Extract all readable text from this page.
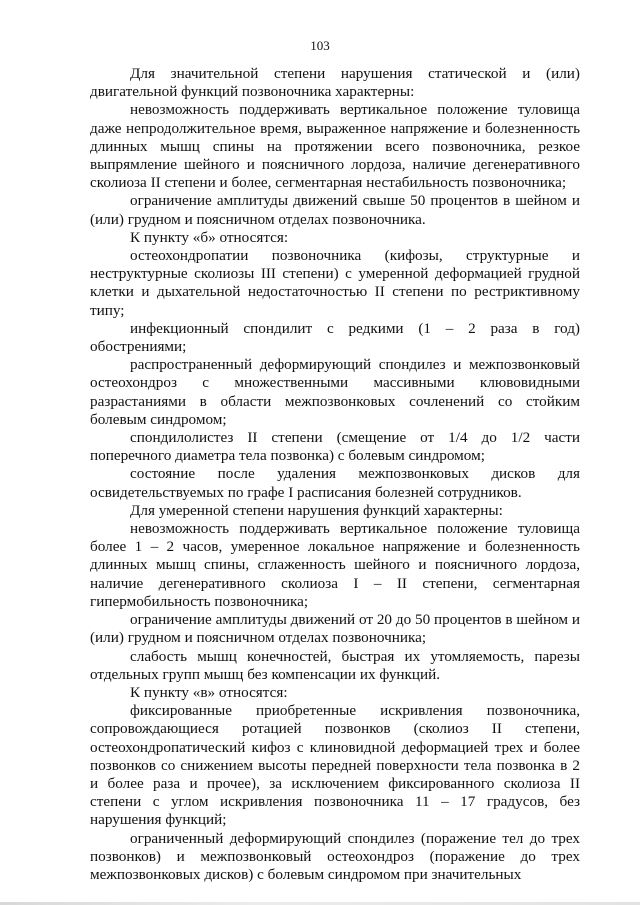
103

Для значительной степени нарушения статической и (или) двигательной функций позвоночника характерны:

невозможность поддерживать вертикальное положение туловища даже непродолжительное время, выраженное напряжение и болезненность длинных мышц спины на протяжении всего позвоночника, резкое выпрямление шейного и поясничного лордоза, наличие дегенеративного сколиоза II степени и более, сегментарная нестабильность позвоночника;

ограничение амплитуды движений свыше 50 процентов в шейном и (или) грудном и поясничном отделах позвоночника.

К пункту «б» относятся:

остеохондропатии позвоночника (кифозы, структурные и неструктурные сколиозы III степени) с умеренной деформацией грудной клетки и дыхательной недостаточностью II степени по рестриктивному типу;

инфекционный спондилит с редкими (1 – 2 раза в год) обострениями;

распространенный деформирующий спондилез и межпозвонковый остеохондроз с множественными массивными клювовидными разрастаниями в области межпозвонковых сочленений со стойким болевым синдромом;

спондилолистез II степени (смещение от 1/4 до 1/2 части поперечного диаметра тела позвонка) с болевым синдромом;

состояние после удаления межпозвонковых дисков для освидетельствуемых по графе I расписания болезней сотрудников.

Для умеренной степени нарушения функций характерны:

невозможность поддерживать вертикальное положение туловища более 1 – 2 часов, умеренное локальное напряжение и болезненность длинных мышц спины, сглаженность шейного и поясничного лордоза, наличие дегенеративного сколиоза I – II степени, сегментарная гипермобильность позвоночника;

ограничение амплитуды движений от 20 до 50 процентов в шейном и (или) грудном и поясничном отделах позвоночника;

слабость мышц конечностей, быстрая их утомляемость, парезы отдельных групп мышц без компенсации их функций.

К пункту «в» относятся:

фиксированные приобретенные искривления позвоночника, сопровождающиеся ротацией позвонков (сколиоз II степени, остеохондропатический кифоз с клиновидной деформацией трех и более позвонков со снижением высоты передней поверхности тела позвонка в 2 и более раза и прочее), за исключением фиксированного сколиоза II степени с углом искривления позвоночника 11 – 17 градусов, без нарушения функций;

ограниченный деформирующий спондилез (поражение тел до трех позвонков) и межпозвонковый остеохондроз (поражение до трех межпозвонковых дисков) с болевым синдромом при значительных
